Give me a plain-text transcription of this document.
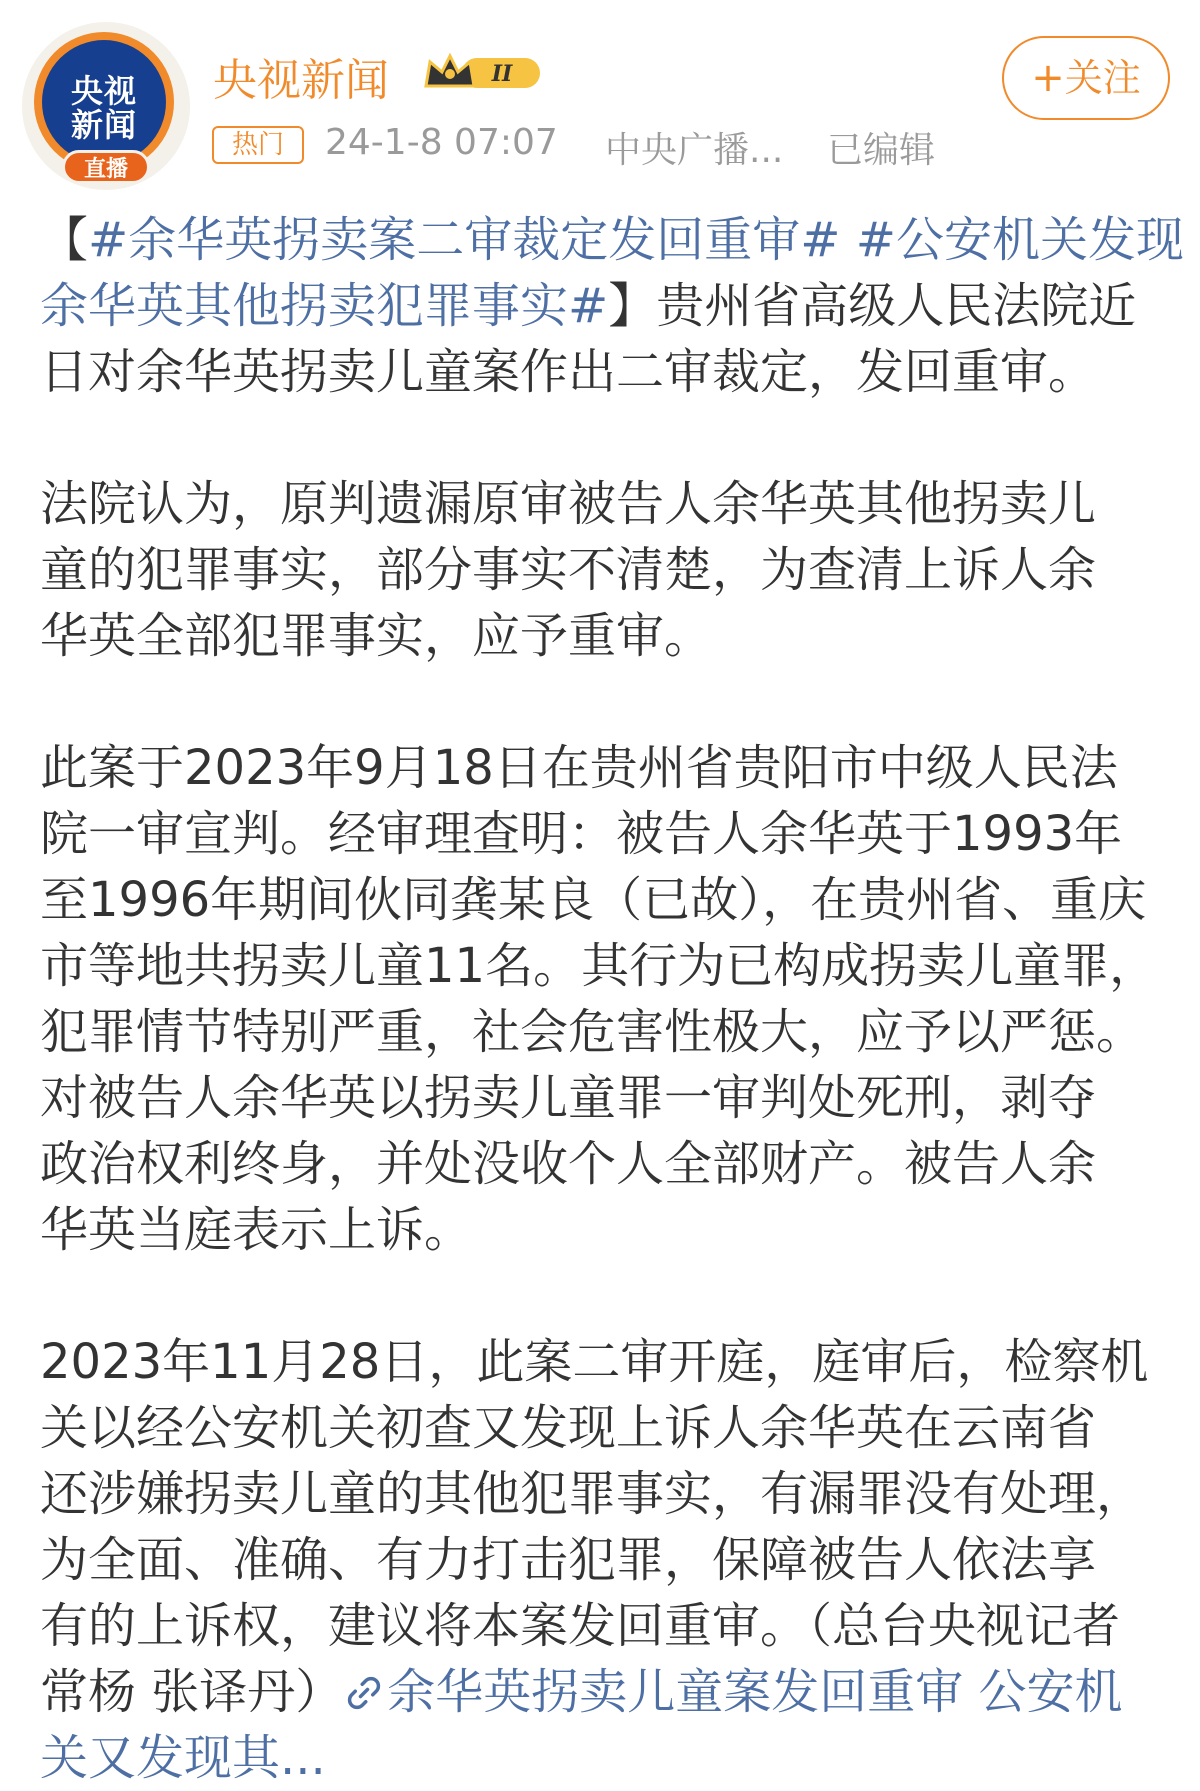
央视
新闻
直播
央视新闻	II
热门	24-1-8 07:07 中央广播... 已编辑
+关注
【#余华英拐卖案二审裁定发回重审# #公安机关发现
余华英其他拐卖犯罪事实#】贵州省高级人民法院近
日对余华英拐卖儿童案作出二审裁定，发回重审。
法院认为，原判遗漏原审被告人余华英其他拐卖儿
童的犯罪事实，部分事实不清楚，为查清上诉人余
华英全部犯罪事实，应予重审。
此案于2023年9月18日在贵州省贵阳市中级人民法
院一审宣判。经审理查明：被告人余华英于1993年
至1996年期间伙同龚某良（已故），在贵州省、重庆
市等地共拐卖儿童11名。其行为已构成拐卖儿童罪，
犯罪情节特别严重，社会危害性极大，应予以严惩。
对被告人余华英以拐卖儿童罪一审判处死刑，剥夺
政治权利终身，并处没收个人全部财产。被告人余
华英当庭表示上诉。
2023年11月28日，此案二审开庭，庭审后，检察机
关以经公安机关初查又发现上诉人余华英在云南省
还涉嫌拐卖儿童的其他犯罪事实，有漏罪没有处理，
为全面、准确、有力打击犯罪，保障被告人依法享
有的上诉权，建议将本案发回重审。（总台央视记者
常杨 张译丹） 余华英拐卖儿童案发回重审 公安机
关又发现其...
